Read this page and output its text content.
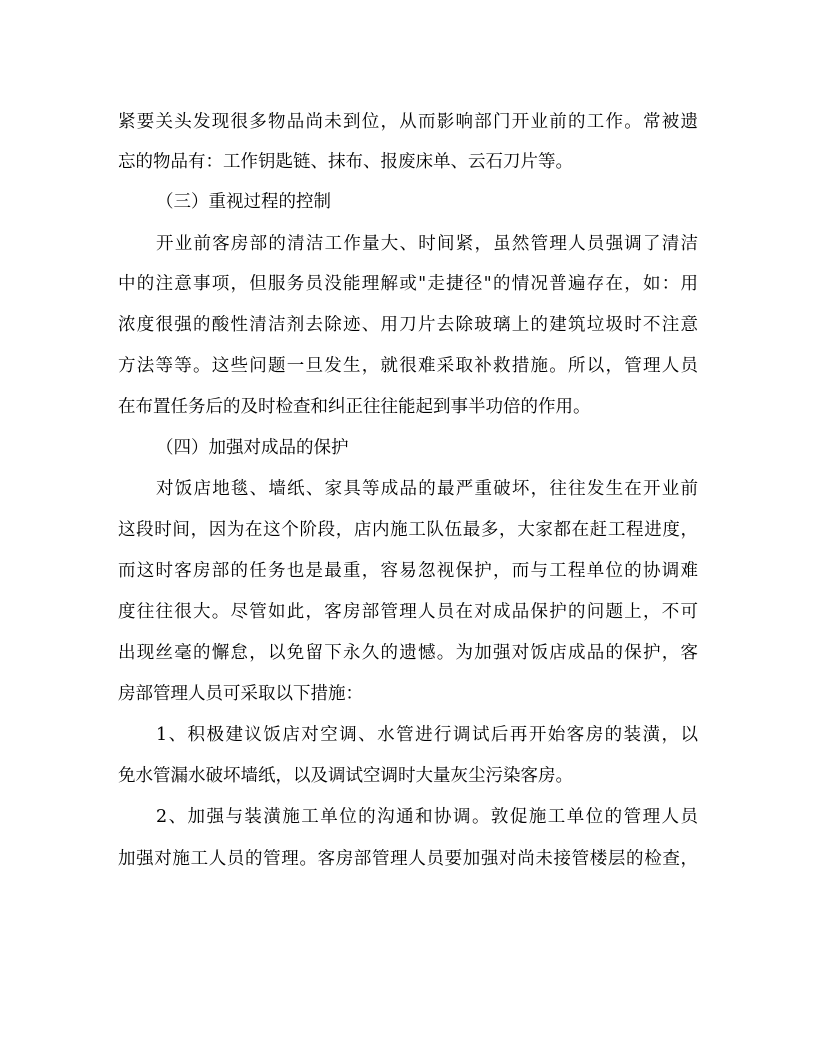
紧要关头发现很多物品尚未到位，从而影响部门开业前的工作。常被遗
忘的物品有：工作钥匙链、抹布、报废床单、云石刀片等。
（三）重视过程的控制
开业前客房部的清洁工作量大、时间紧，虽然管理人员强调了清洁
中的注意事项，但服务员没能理解或"走捷径"的情况普遍存在，如：用
浓度很强的酸性清洁剂去除迹、用刀片去除玻璃上的建筑垃圾时不注意
方法等等。这些问题一旦发生，就很难采取补救措施。所以，管理人员
在布置任务后的及时检查和纠正往往能起到事半功倍的作用。
（四）加强对成品的保护
对饭店地毯、墙纸、家具等成品的最严重破坏，往往发生在开业前
这段时间，因为在这个阶段，店内施工队伍最多，大家都在赶工程进度，
而这时客房部的任务也是最重，容易忽视保护，而与工程单位的协调难
度往往很大。尽管如此，客房部管理人员在对成品保护的问题上，不可
出现丝毫的懈怠，以免留下永久的遗憾。为加强对饭店成品的保护，客
房部管理人员可采取以下措施：
1、积极建议饭店对空调、水管进行调试后再开始客房的装潢，以
免水管漏水破坏墙纸，以及调试空调时大量灰尘污染客房。
2、加强与装潢施工单位的沟通和协调。敦促施工单位的管理人员
加强对施工人员的管理。客房部管理人员要加强对尚未接管楼层的检查，
